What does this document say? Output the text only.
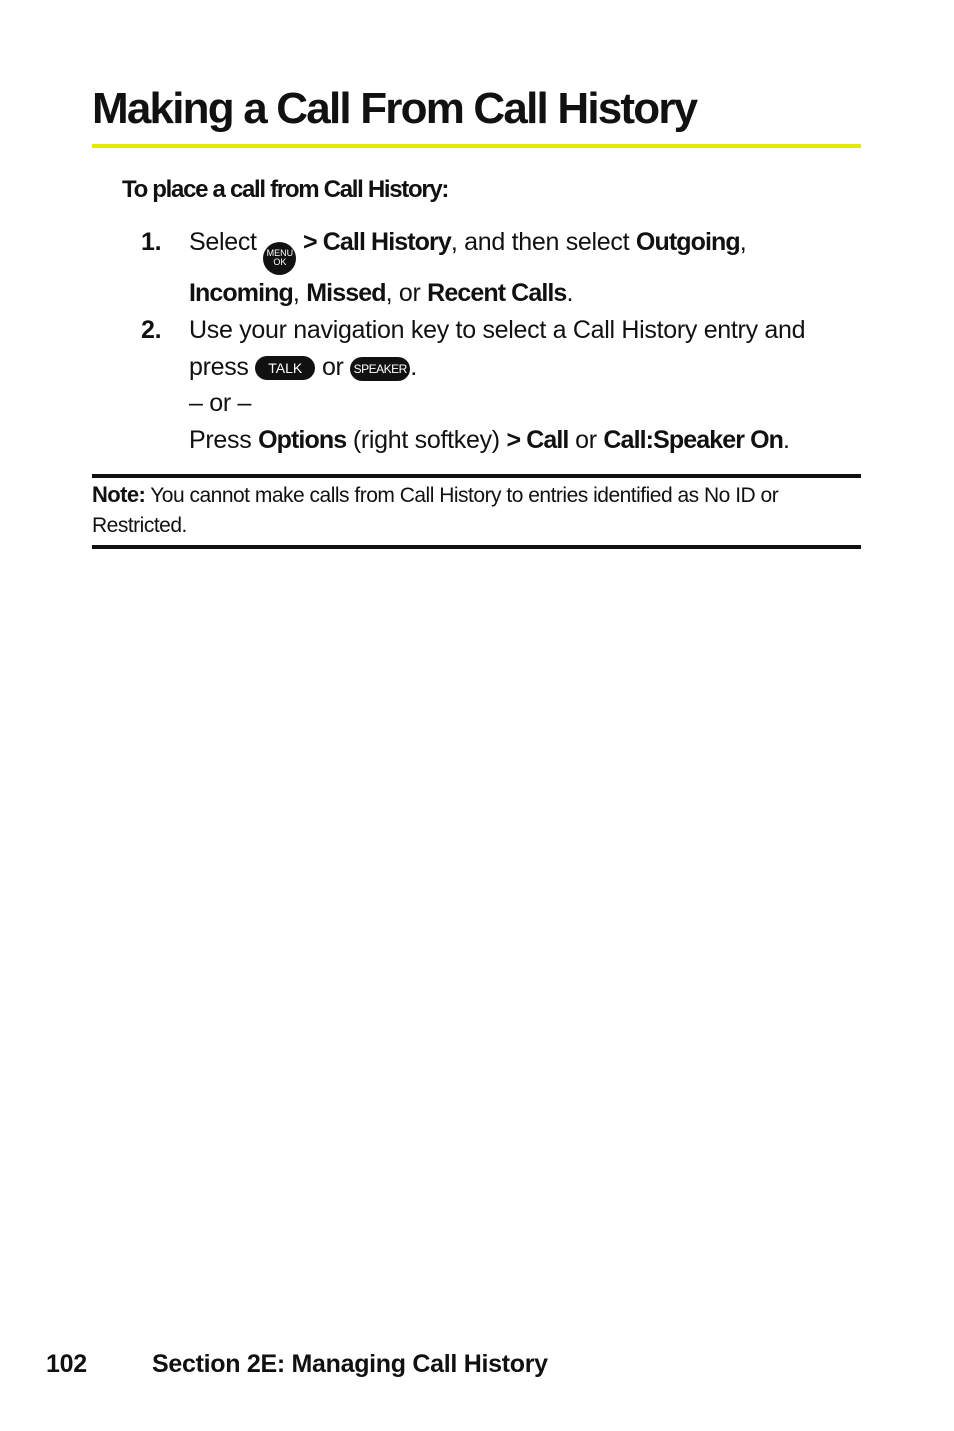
Making a Call From Call History
To place a call from Call History:
1. Select MENU
OK
> Call History, and then select Outgoing,
Incoming, Missed, or Recent Calls.
2. Use your navigation key to select a Call History entry and
press TALK or SPEAKER .
– or –
Press Options (right softkey) > Call or Call:Speaker On.
Note: You cannot make calls from Call History to entries identified as No ID or Restricted.
102	Section 2E: Managing Call History
